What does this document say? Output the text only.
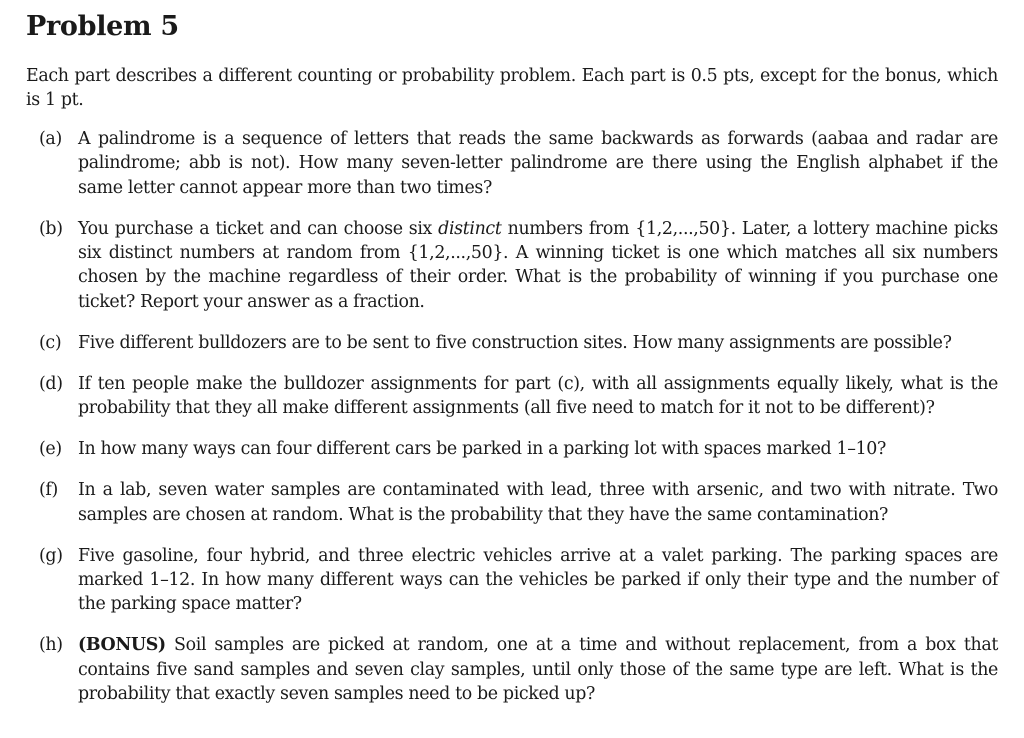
Problem 5

Each part describes a different counting or probability problem. Each part is 0.5 pts, except for the bonus, which is 1 pt.

(a) A palindrome is a sequence of letters that reads the same backwards as forwards (aabaa and radar are palindrome; abb is not). How many seven-letter palindrome are there using the English alphabet if the same letter cannot appear more than two times?
(b) You purchase a ticket and can choose six distinct numbers from {1,2,...,50}. Later, a lottery machine picks six distinct numbers at random from {1,2,...,50}. A winning ticket is one which matches all six numbers chosen by the machine regardless of their order. What is the probability of winning if you purchase one ticket? Report your answer as a fraction.
(c) Five different bulldozers are to be sent to five construction sites. How many assignments are possible?
(d) If ten people make the bulldozer assignments for part (c), with all assignments equally likely, what is the probability that they all make different assignments (all five need to match for it not to be different)?
(e) In how many ways can four different cars be parked in a parking lot with spaces marked 1–10?
(f) In a lab, seven water samples are contaminated with lead, three with arsenic, and two with nitrate. Two samples are chosen at random. What is the probability that they have the same contamination?
(g) Five gasoline, four hybrid, and three electric vehicles arrive at a valet parking. The parking spaces are marked 1–12. In how many different ways can the vehicles be parked if only their type and the number of the parking space matter?
(h) (BONUS) Soil samples are picked at random, one at a time and without replacement, from a box that contains five sand samples and seven clay samples, until only those of the same type are left. What is the probability that exactly seven samples need to be picked up?
